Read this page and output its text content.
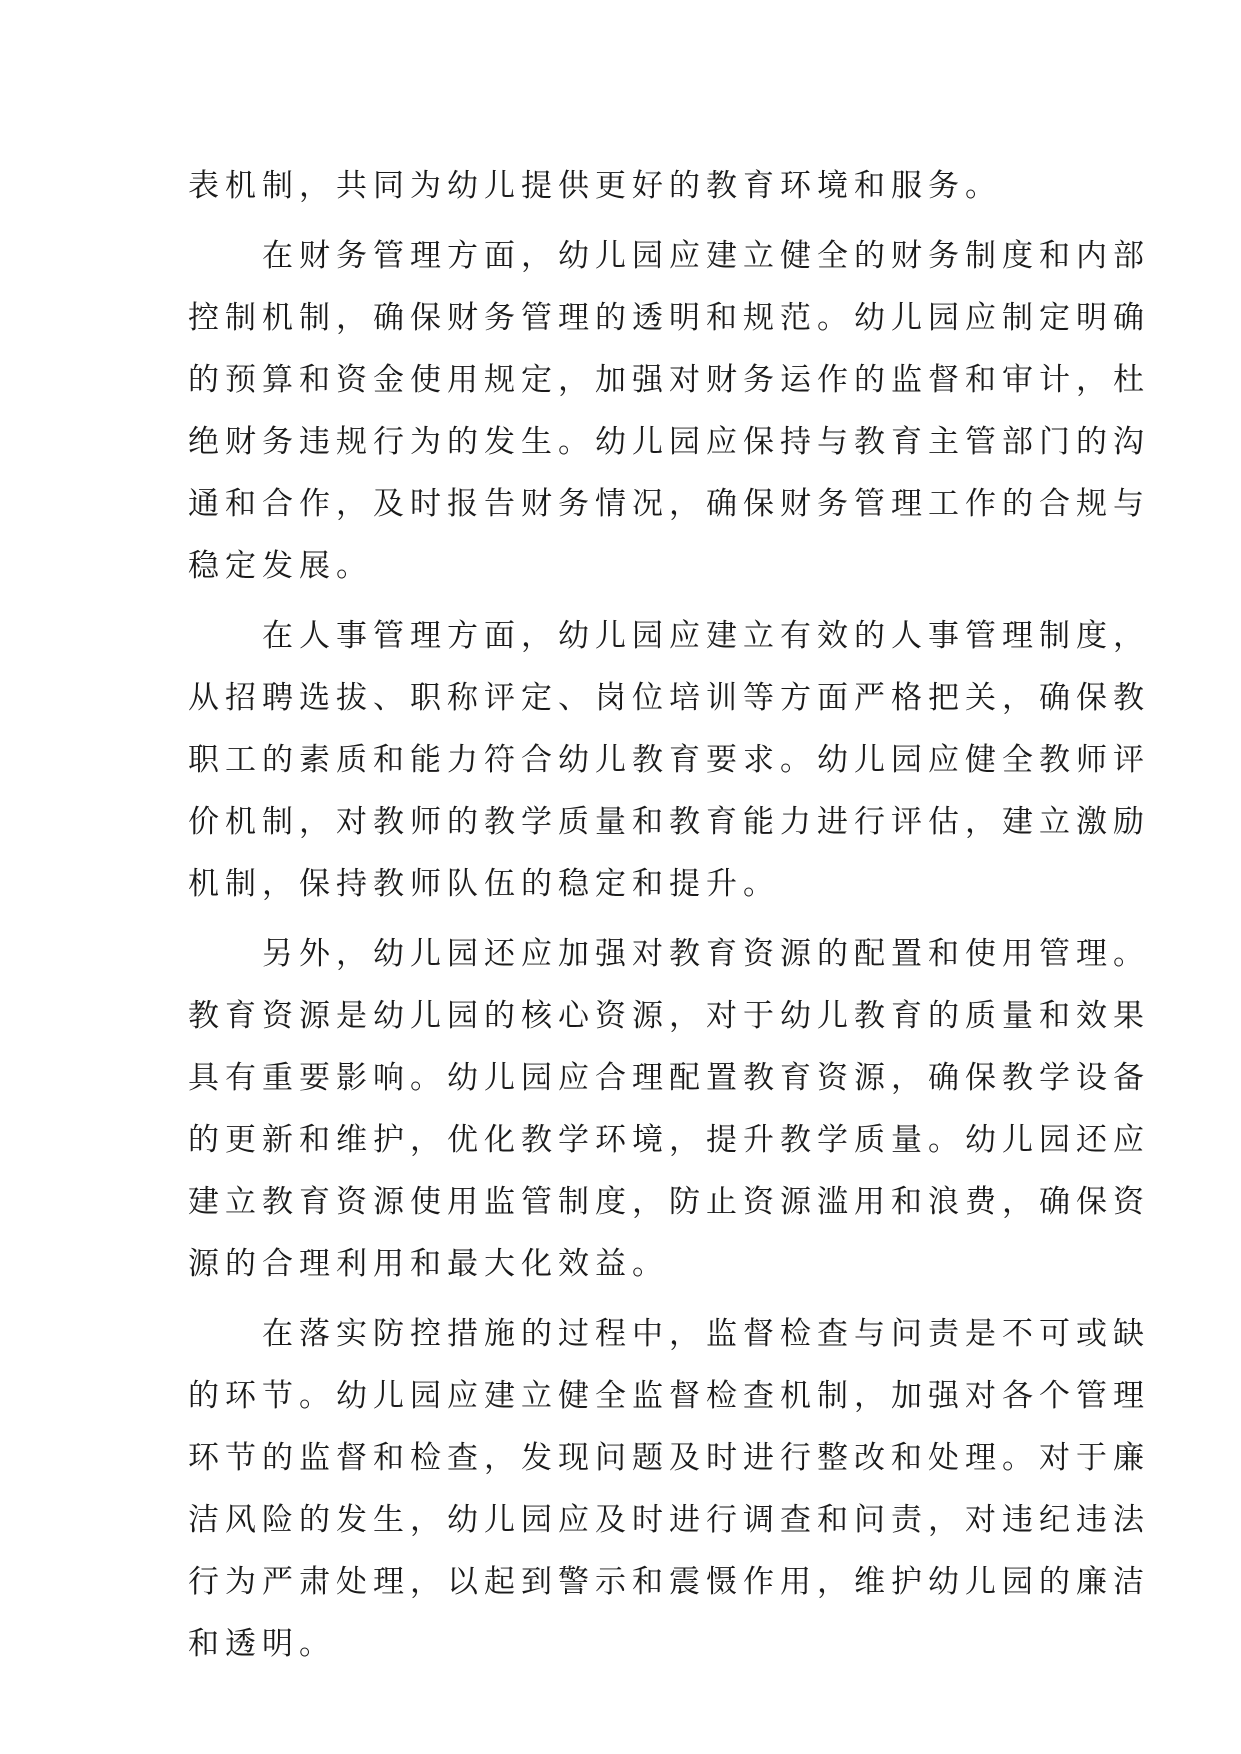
表机制，共同为幼儿提供更好的教育环境和服务。
　　在财务管理方面，幼儿园应建立健全的财务制度和内部
控制机制，确保财务管理的透明和规范。幼儿园应制定明确
的预算和资金使用规定，加强对财务运作的监督和审计，杜
绝财务违规行为的发生。幼儿园应保持与教育主管部门的沟
通和合作，及时报告财务情况，确保财务管理工作的合规与
稳定发展。
　　在人事管理方面，幼儿园应建立有效的人事管理制度，
从招聘选拔、职称评定、岗位培训等方面严格把关，确保教
职工的素质和能力符合幼儿教育要求。幼儿园应健全教师评
价机制，对教师的教学质量和教育能力进行评估，建立激励
机制，保持教师队伍的稳定和提升。
　　另外，幼儿园还应加强对教育资源的配置和使用管理。
教育资源是幼儿园的核心资源，对于幼儿教育的质量和效果
具有重要影响。幼儿园应合理配置教育资源，确保教学设备
的更新和维护，优化教学环境，提升教学质量。幼儿园还应
建立教育资源使用监管制度，防止资源滥用和浪费，确保资
源的合理利用和最大化效益。
　　在落实防控措施的过程中，监督检查与问责是不可或缺
的环节。幼儿园应建立健全监督检查机制，加强对各个管理
环节的监督和检查，发现问题及时进行整改和处理。对于廉
洁风险的发生，幼儿园应及时进行调查和问责，对违纪违法
行为严肃处理，以起到警示和震慑作用，维护幼儿园的廉洁
和透明。
